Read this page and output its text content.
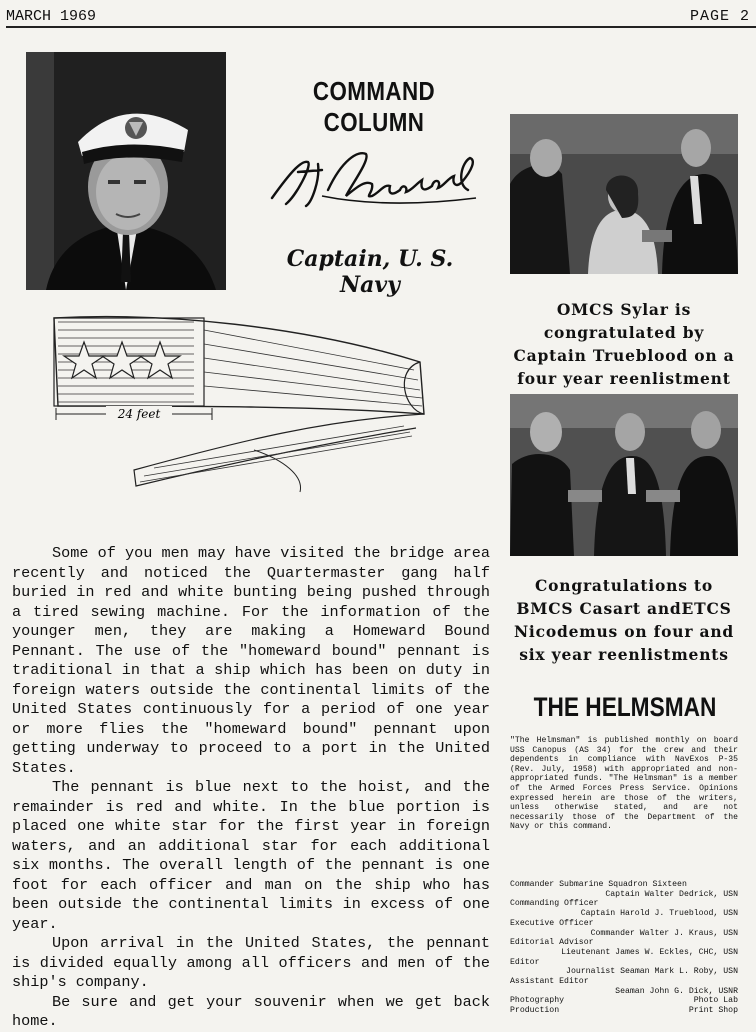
MARCH 1969	PAGE 2
COMMAND COLUMN
Captain, U. S. Navy
24 feet
OMCS Sylar is congratulated by Captain Trueblood on a four year reenlistment
Congratulations to BMCS Casart andETCS Nicodemus on four and six year reenlistments

Some of you men may have visited the bridge area recently and noticed the Quartermaster gang half buried in red and white bunting being pushed through a tired sewing machine. For the information of the younger men, they are making a Homeward Bound Pennant. The use of the "homeward bound" pennant is traditional in that a ship which has been on duty in foreign waters outside the continental limits of the United States continuously for a period of one year or more flies the "homeward bound" pennant upon getting underway to proceed to a port in the United States.

The pennant is blue next to the hoist, and the remainder is red and white. In the blue portion is placed one white star for the first year in foreign waters, and an additional star for each additional six months. The overall length of the pennant is one foot for each officer and man on the ship who has been outside the continental limits in excess of one year.

Upon arrival in the United States, the pennant is divided equally among all officers and men of the ship's company.

Be sure and get your souvenir when we get back home.

THE HELMSMAN
"The Helmsman" is published monthly on board USS Canopus (AS 34) for the crew and their dependents in compliance with NavExos P-35 (Rev. July, 1958) with appropriated and non-appropriated funds. "The Helmsman" is a member of the Armed Forces Press Service. Opinions expressed herein are those of the writers, unless otherwise stated, and are not necessarily those of the Department of the Navy or this command.
Commander Submarine Squadron Sixteen
Captain Walter Dedrick, USN
Commanding Officer
Captain Harold J. Trueblood, USN
Executive Officer
Commander Walter J. Kraus, USN
Editorial Advisor
Lieutenant James W. Eckles, CHC, USN
Editor
Journalist Seaman Mark L. Roby, USN
Assistant Editor
Seaman John G. Dick, USNR
Photography	Photo Lab
Production	Print Shop
